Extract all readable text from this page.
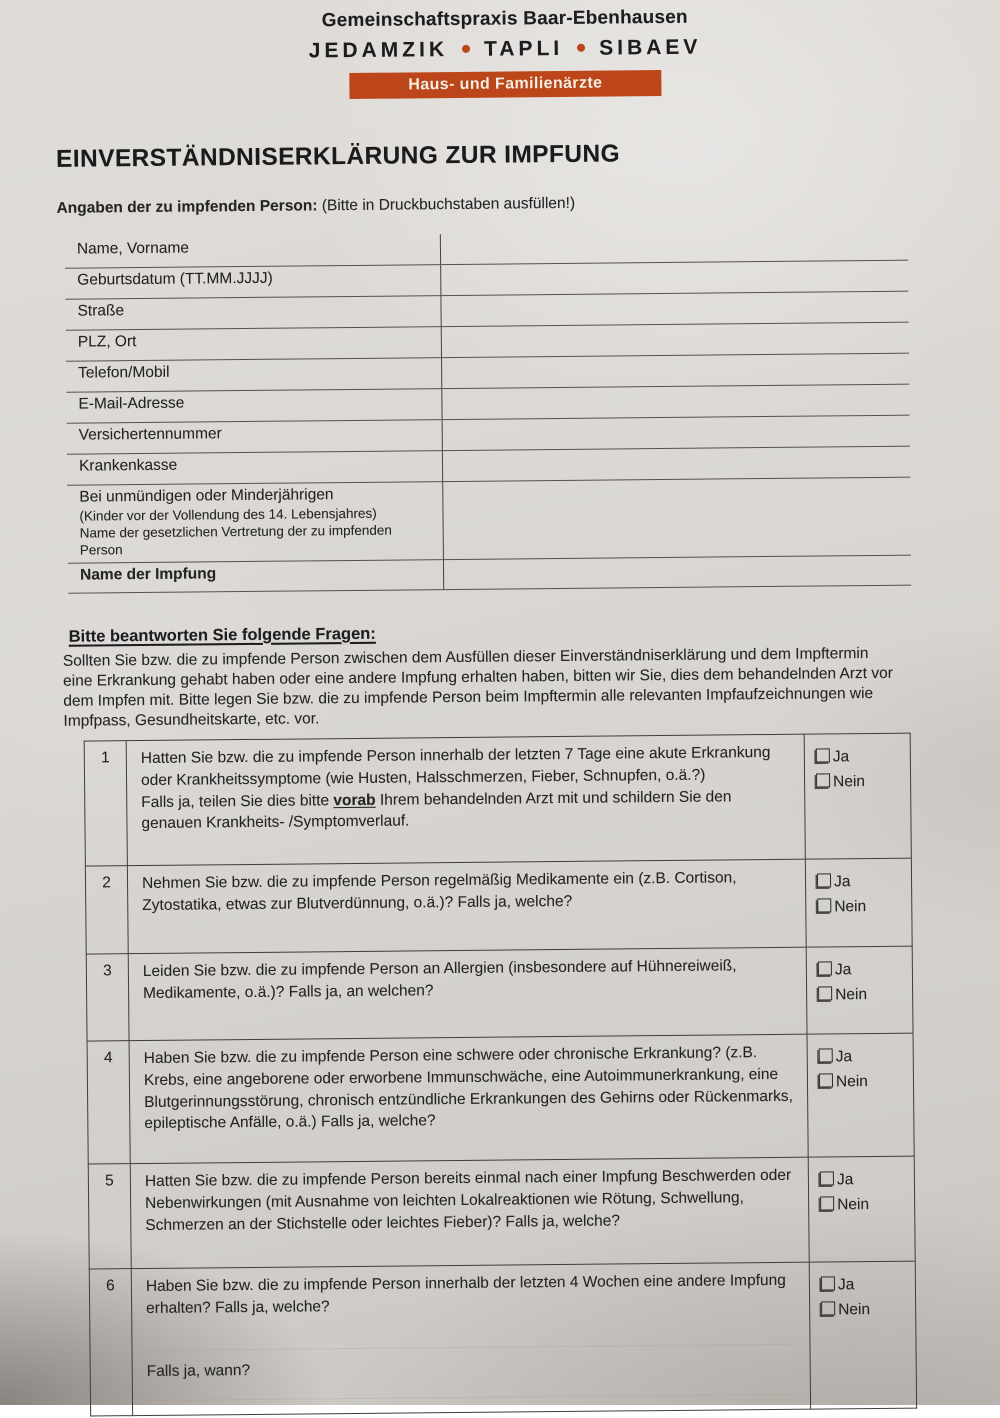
Gemeinschaftspraxis Baar-Ebenhausen
JEDAMZIK TAPLI SIBAEV
Haus- und Familienärzte
EINVERSTÄNDNISERKLÄRUNG ZUR IMPFUNG

Angaben der zu impfenden Person: (Bitte in Druckbuchstaben ausfüllen!)

Name, Vorname	
Geburtsdatum (TT.MM.JJJJ)	
Straße	
PLZ, Ort	
Telefon/Mobil	
E-Mail-Adresse	
Versichertennummer	
Krankenkasse	

Bei unmündigen oder Minderjährigen
(Kinder vor der Vollendung des 14. Lebensjahres)
Name der gesetzlichen Vertretung der zu impfenden Person	

Name der Impfung	
Bitte beantworten Sie folgende Fragen:

Sollten Sie bzw. die zu impfende Person zwischen dem Ausfüllen dieser Einverständniserklärung und dem Impftermin eine Erkrankung gehabt haben oder eine andere Impfung erhalten haben, bitten wir Sie, dies dem behandelnden Arzt vor dem Impfen mit. Bitte legen Sie bzw. die zu impfende Person beim Impftermin alle relevanten Impfaufzeichnungen wie Impfpass, Gesundheitskarte, etc. vor.

1	Hatten Sie bzw. die zu impfende Person innerhalb der letzten 7 Tage eine akute Erkrankung oder Krankheitssymptome (wie Husten, Halsschmerzen, Fieber, Schnupfen, o.ä.?)
Falls ja, teilen Sie dies bitte vorab Ihrem behandelnden Arzt mit und schildern Sie den genauen Krankheits- /Symptomverlauf.

Ja
Nein

2	Nehmen Sie bzw. die zu impfende Person regelmäßig Medikamente ein (z.B. Cortison, Zytostatika, etwas zur Blutverdünnung, o.ä.)? Falls ja, welche?	Ja
Nein

3	Leiden Sie bzw. die zu impfende Person an Allergien (insbesondere auf Hühnereiweiß, Medikamente, o.ä.)? Falls ja, an welchen?	Ja
Nein

4	Haben Sie bzw. die zu impfende Person eine schwere oder chronische Erkrankung? (z.B. Krebs, eine angeborene oder erworbene Immunschwäche, eine Autoimmunerkrankung, eine Blutgerinnungsstörung, chronisch entzündliche Erkrankungen des Gehirns oder Rückenmarks, epileptische Anfälle, o.ä.) Falls ja, welche?	Ja
Nein

5	Hatten Sie bzw. die zu impfende Person bereits einmal nach einer Impfung Beschwerden oder Nebenwirkungen (mit Ausnahme von leichten Lokalreaktionen wie Rötung, Schwellung, Schmerzen an der Stichstelle oder leichtes Fieber)? Falls ja, welche?	Ja
Nein

6	Haben Sie bzw. die zu impfende Person innerhalb der letzten 4 Wochen eine andere Impfung erhalten? Falls ja, welche?
Falls ja, wann?

Ja
Nein
